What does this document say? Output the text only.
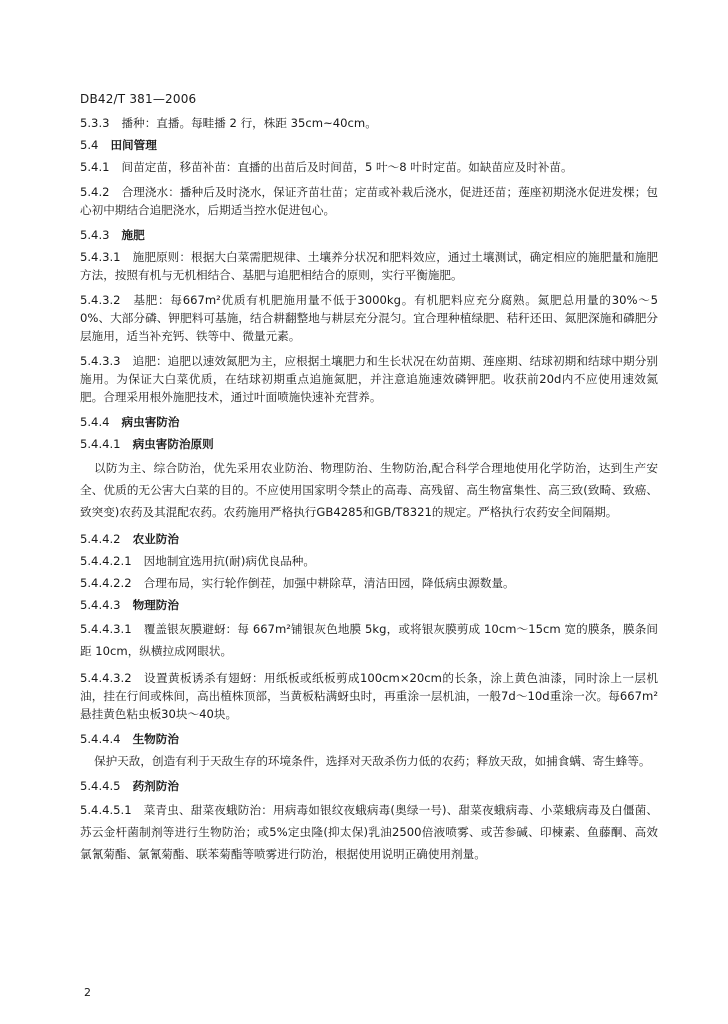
DB42/T 381—2006

5.3.3 播种：直播。每畦播 2 行，株距 35cm~40cm。

5.4 田间管理

5.4.1 间苗定苗，移苗补苗：直播的出苗后及时间苗，5 叶～8 叶时定苗。如缺苗应及时补苗。

5.4.2 合理浇水：播种后及时浇水，保证齐苗壮苗；定苗或补栽后浇水，促进还苗；莲座初期浇水促进发棵；包心初中期结合追肥浇水，后期适当控水促进包心。

5.4.3 施肥

5.4.3.1 施肥原则：根据大白菜需肥规律、土壤养分状况和肥料效应，通过土壤测试，确定相应的施肥量和施肥方法，按照有机与无机相结合、基肥与追肥相结合的原则，实行平衡施肥。

5.4.3.2 基肥：每667m²优质有机肥施用量不低于3000kg。有机肥料应充分腐熟。氮肥总用量的30%～50%、大部分磷、钾肥料可基施，结合耕翻整地与耕层充分混匀。宜合理种植绿肥、秸秆还田、氮肥深施和磷肥分层施用，适当补充钙、铁等中、微量元素。

5.4.3.3 追肥：追肥以速效氮肥为主，应根据土壤肥力和生长状况在幼苗期、莲座期、结球初期和结球中期分别施用。为保证大白菜优质，在结球初期重点追施氮肥，并注意追施速效磷钾肥。收获前20d内不应使用速效氮肥。合理采用根外施肥技术，通过叶面喷施快速补充营养。

5.4.4 病虫害防治

5.4.4.1 病虫害防治原则

以防为主、综合防治，优先采用农业防治、物理防治、生物防治,配合科学合理地使用化学防治，达到生产安全、优质的无公害大白菜的目的。不应使用国家明令禁止的高毒、高残留、高生物富集性、高三致(致畸、致癌、致突变)农药及其混配农药。农药施用严格执行GB4285和GB/T8321的规定。严格执行农药安全间隔期。

5.4.4.2 农业防治

5.4.4.2.1 因地制宜选用抗(耐)病优良品种。

5.4.4.2.2 合理布局，实行轮作倒茬，加强中耕除草，清洁田园，降低病虫源数量。

5.4.4.3 物理防治

5.4.4.3.1 覆盖银灰膜避蚜：每 667m²铺银灰色地膜 5kg，或将银灰膜剪成 10cm～15cm 宽的膜条，膜条间距 10cm，纵横拉成网眼状。

5.4.4.3.2 设置黄板诱杀有翅蚜：用纸板或纸板剪成100cm×20cm的长条，涂上黄色油漆，同时涂上一层机油，挂在行间或株间，高出植株顶部，当黄板粘满蚜虫时，再重涂一层机油，一般7d～10d重涂一次。每667m²悬挂黄色粘虫板30块～40块。

5.4.4.4 生物防治

保护天敌，创造有利于天敌生存的环境条件，选择对天敌杀伤力低的农药；释放天敌，如捕食螨、寄生蜂等。

5.4.4.5 药剂防治

5.4.4.5.1 菜青虫、甜菜夜蛾防治：用病毒如银纹夜蛾病毒(奥绿一号)、甜菜夜蛾病毒、小菜蛾病毒及白僵菌、苏云金杆菌制剂等进行生物防治；或5%定虫隆(抑太保)乳油2500倍液喷雾、或苦参碱、印楝素、鱼藤酮、高效氯氰菊酯、氯氰菊酯、联苯菊酯等喷雾进行防治，根据使用说明正确使用剂量。

2
